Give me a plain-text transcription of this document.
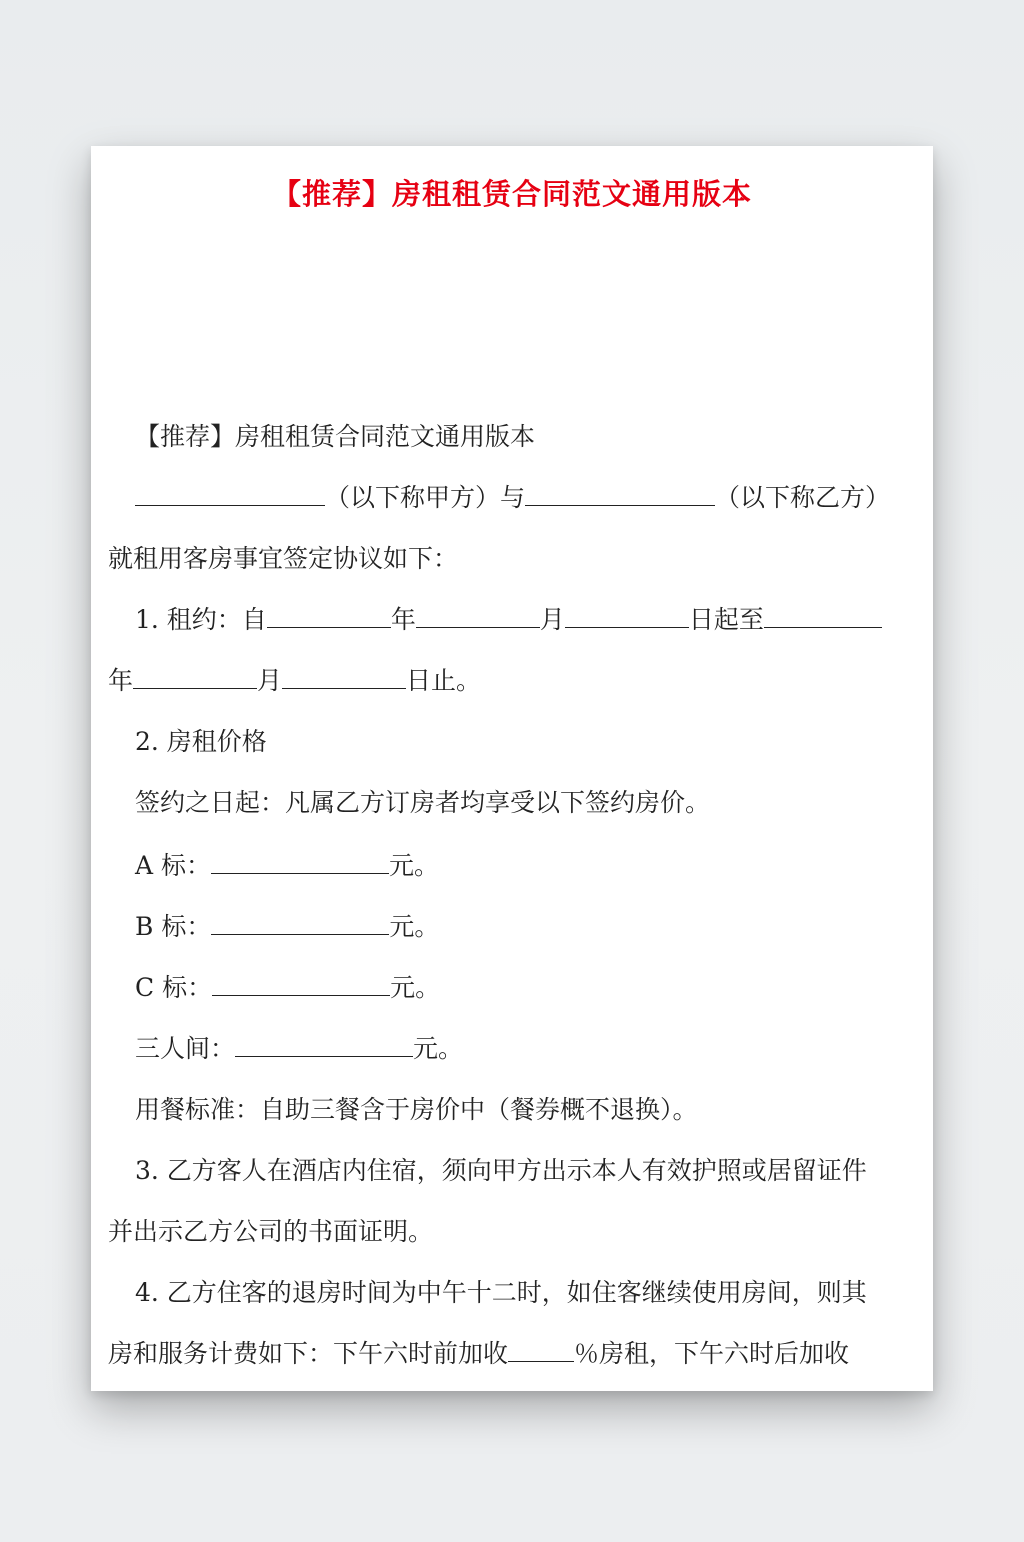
【推荐】房租租赁合同范文通用版本
【推荐】房租租赁合同范文通用版本
（以下称甲方）与	（以下称乙方）
就租用客房事宜签定协议如下：
1. 租约：自	年	月	日起至
年	月	日止。
2. 房租价格
签约之日起：凡属乙方订房者均享受以下签约房价。
A 标：	元。
B 标：	元。
C 标：	元。
三人间：	元。
用餐标准：自助三餐含于房价中（餐券概不退换）。
3. 乙方客人在酒店内住宿，须向甲方出示本人有效护照或居留证件
并出示乙方公司的书面证明。
4. 乙方住客的退房时间为中午十二时，如住客继续使用房间，则其
房和服务计费如下：下午六时前加收	％房租，下午六时后加收
